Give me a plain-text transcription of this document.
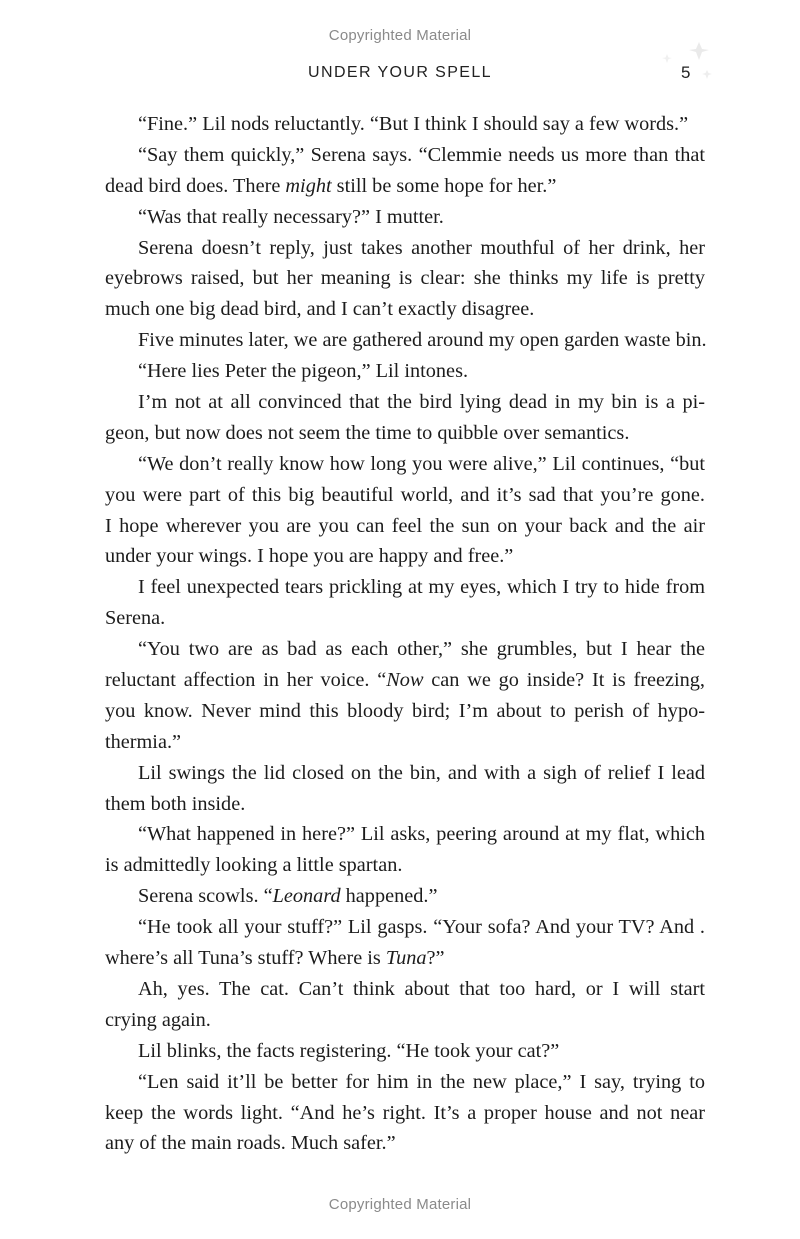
Copyrighted Material
UNDER YOUR SPELL	5
“Fine.” Lil nods reluctantly. “But I think I should say a few words.”
“Say them quickly,” Serena says. “Clemmie needs us more than that
dead bird does. There might still be some hope for her.”
“Was that really necessary?” I mutter.
Serena doesn’t reply, just takes another mouthful of her drink, her
eyebrows raised, but her meaning is clear: she thinks my life is pretty
much one big dead bird, and I can’t exactly disagree.
Five minutes later, we are gathered around my open garden waste bin.
“Here lies Peter the pigeon,” Lil intones.
I’m not at all convinced that the bird lying dead in my bin is a pi-
geon, but now does not seem the time to quibble over semantics.
“We don’t really know how long you were alive,” Lil continues, “but
you were part of this big beautiful world, and it’s sad that you’re gone.
I hope wherever you are you can feel the sun on your back and the air
under your wings. I hope you are happy and free.”
I feel unexpected tears prickling at my eyes, which I try to hide from
Serena.
“You two are as bad as each other,” she grumbles, but I hear the
reluctant affection in her voice. “Now can we go inside? It is freezing,
you know. Never mind this bloody bird; I’m about to perish of hypo-
thermia.”
Lil swings the lid closed on the bin, and with a sigh of relief I lead
them both inside.
“What happened in here?” Lil asks, peering around at my flat, which
is admittedly looking a little spartan.
Serena scowls. “Leonard happened.”
“He took all your stuff?” Lil gasps. “Your sofa? And your TV? And .
where’s all Tuna’s stuff? Where is Tuna?”
Ah, yes. The cat. Can’t think about that too hard, or I will start
crying again.
Lil blinks, the facts registering. “He took your cat?”
“Len said it’ll be better for him in the new place,” I say, trying to
keep the words light. “And he’s right. It’s a proper house and not near
any of the main roads. Much safer.”
Copyrighted Material
